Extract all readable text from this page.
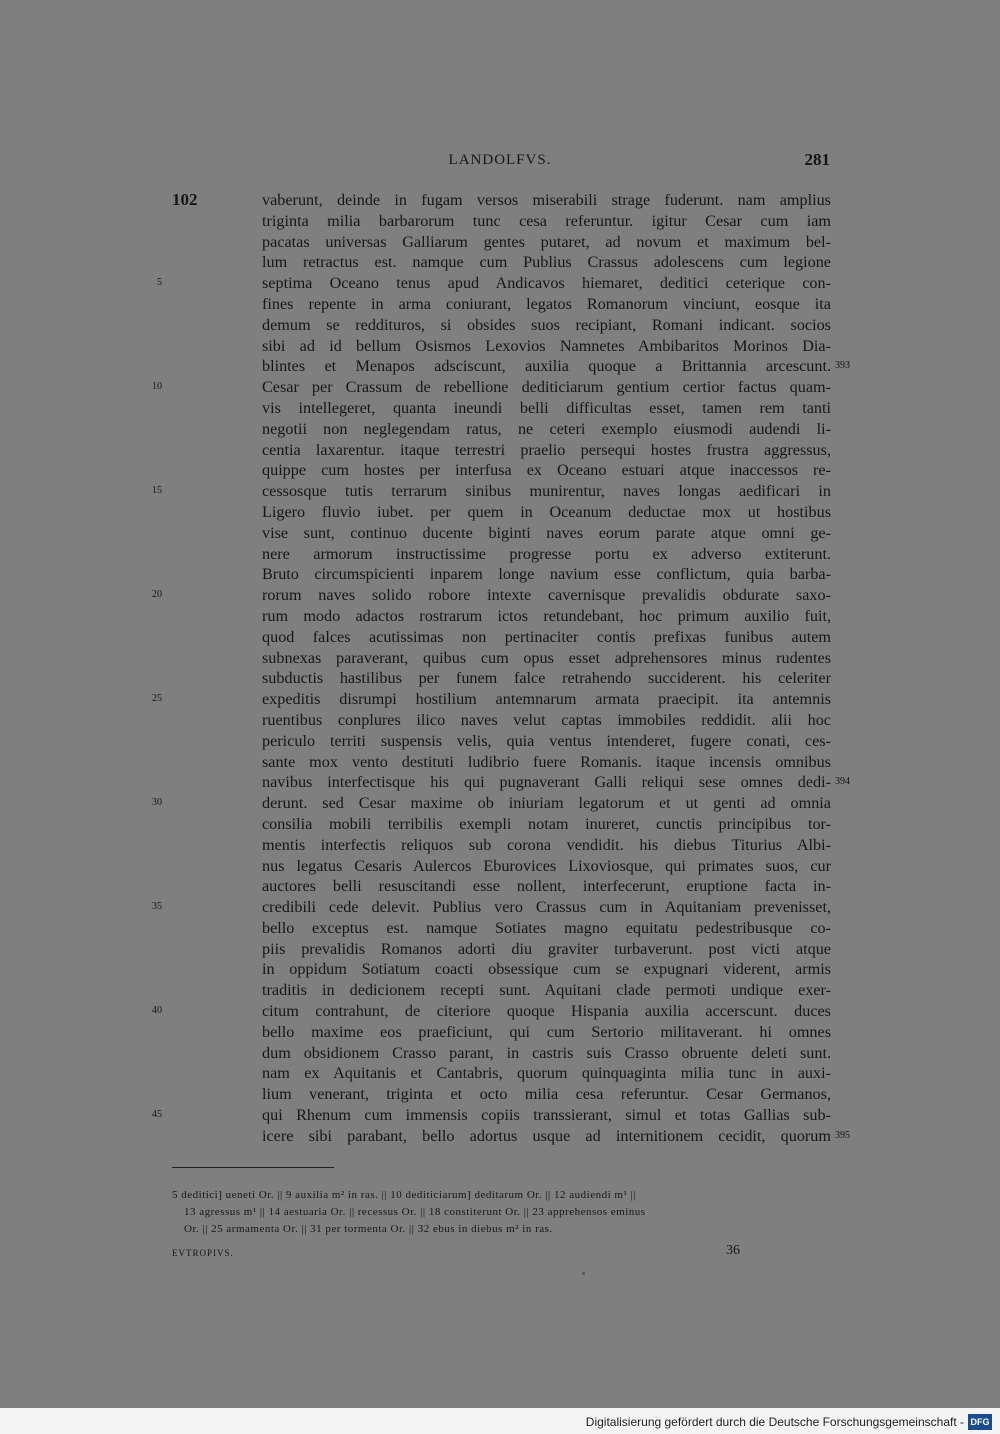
LANDOLFVS.	281
102	vaberunt, deinde in fugam versos miserabili strage fuderunt. nam amplius
triginta milia barbarorum tunc cesa referuntur. igitur Cesar cum iam
pacatas universas Galliarum gentes putaret, ad novum et maximum bel-
lum retractus est. namque cum Publius Crassus adolescens cum legione
septima Oceano tenus apud Andicavos hiemaret, deditici ceterique con-
fines repente in arma coniurant, legatos Romanorum vinciunt, eosque ita
demum se reddituros, si obsides suos recipiant, Romani indicant. socios
sibi ad id bellum Osismos Lexovios Namnetes Ambibaritos Morinos Dia-
blintes et Menapos adsciscunt, auxilia quoque a Brittannia arcescunt.
Cesar per Crassum de rebellione dediticiarum gentium certior factus quam-
vis intellegeret, quanta ineundi belli difficultas esset, tamen rem tanti
negotii non neglegendam ratus, ne ceteri exemplo eiusmodi audendi li-
centia laxarentur. itaque terrestri praelio persequi hostes frustra aggressus,
quippe cum hostes per interfusa ex Oceano estuari atque inaccessos re-
cessosque tutis terrarum sinibus munirentur, naves longas aedificari in
Ligero fluvio iubet. per quem in Oceanum deductae mox ut hostibus
vise sunt, continuo ducente biginti naves eorum parate atque omni ge-
nere armorum instructissime progresse portu ex adverso extiterunt.
Bruto circumspicienti inparem longe navium esse conflictum, quia barba-
rorum naves solido robore intexte cavernisque prevalidis obdurate saxo-
rum modo adactos rostrarum ictos retundebant, hoc primum auxilio fuit,
quod falces acutissimas non pertinaciter contis prefixas funibus autem
subnexas paraverant, quibus cum opus esset adprehensores minus rudentes
subductis hastilibus per funem falce retrahendo succiderent. his celeriter
expeditis disrumpi hostilium antemnarum armata praecipit. ita antemnis
ruentibus conplures ilico naves velut captas immobiles reddidit. alii hoc
periculo territi suspensis velis, quia ventus intenderet, fugere conati, ces-
sante mox vento destituti ludibrio fuere Romanis. itaque incensis omnibus
navibus interfectisque his qui pugnaverant Galli reliqui sese omnes dedi-
derunt. sed Cesar maxime ob iniuriam legatorum et ut genti ad omnia
consilia mobili terribilis exempli notam inureret, cunctis principibus tor-
mentis interfectis reliquos sub corona vendidit. his diebus Titurius Albi-
nus legatus Cesaris Aulercos Eburovices Lixoviosque, qui primates suos, cur
auctores belli resuscitandi esse nollent, interfecerunt, eruptione facta in-
credibili cede delevit. Publius vero Crassus cum in Aquitaniam prevenisset,
bello exceptus est. namque Sotiates magno equitatu pedestribusque co-
piis prevalidis Romanos adorti diu graviter turbaverunt. post victi atque
in oppidum Sotiatum coacti obsessique cum se expugnari viderent, armis
traditis in dedicionem recepti sunt. Aquitani clade permoti undique exer-
citum contrahunt, de citeriore quoque Hispania auxilia accerscunt. duces
bello maxime eos praeficiunt, qui cum Sertorio militaverant. hi omnes
dum obsidionem Crasso parant, in castris suis Crasso obruente deleti sunt.
nam ex Aquitanis et Cantabris, quorum quinquaginta milia tunc in auxi-
lium venerant, triginta et octo milia cesa referuntur. Cesar Germanos,
qui Rhenum cum immensis copiis transsierant, simul et totas Gallias sub-
icere sibi parabant, bello adortus usque ad internitionem cecidit, quorum
5
10
15
20
25
30
35
40
45
393
394
395
5 deditici] ueneti Or. || 9 auxilia m² in ras. || 10 dediticiarum] deditarum Or. || 12 audiendi m¹ ||
13 agressus m¹ || 14 aestuaria Or. || recessus Or. || 18 constiterunt Or. || 23 apprehensos eminus
Or. || 25 armamenta Or. || 31 per tormenta Or. || 32 ebus in diebus m² in ras.
EVTROPIVS.	36
Digitalisierung gefördert durch die Deutsche Forschungsgemeinschaft - DFG
